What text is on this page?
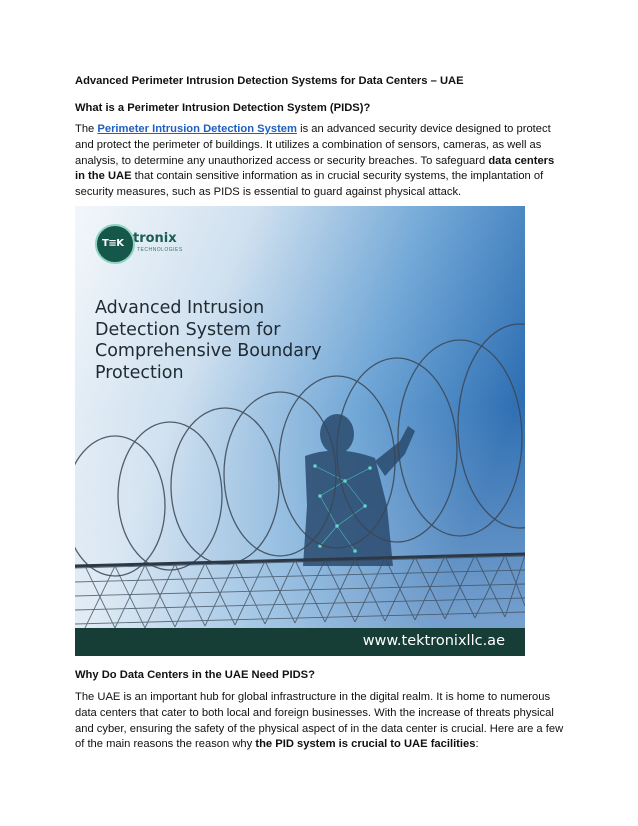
Advanced Perimeter Intrusion Detection Systems for Data Centers – UAE
What is a Perimeter Intrusion Detection System (PIDS)?
The Perimeter Intrusion Detection System is an advanced security device designed to protect and protect the perimeter of buildings. It utilizes a combination of sensors, cameras, as well as analysis, to determine any unauthorized access or security breaches. To safeguard data centers in the UAE that contain sensitive information as in crucial security systems, the implantation of security measures, such as PIDS is essential to guard against physical attack.
T≡K tronix
TECHNOLOGIES
Advanced Intrusion Detection System for Comprehensive Boundary Protection
www.tektronixllc.ae
Why Do Data Centers in the UAE Need PIDS?
The UAE is an important hub for global infrastructure in the digital realm. It is home to numerous data centers that cater to both local and foreign businesses. With the increase of threats physical and cyber, ensuring the safety of the physical aspect of in the data center is crucial. Here are a few of the main reasons the reason why the PID system is crucial to UAE facilities:
